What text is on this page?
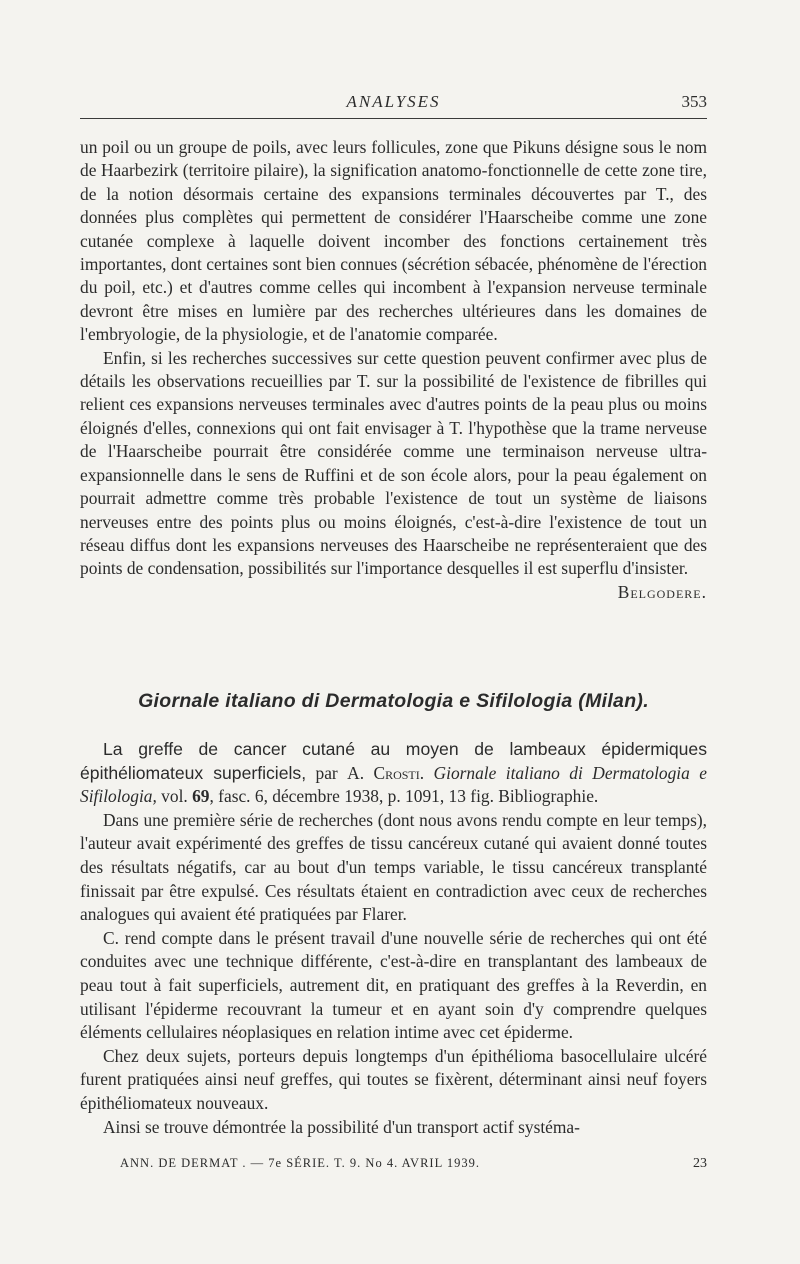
ANALYSES	353

un poil ou un groupe de poils, avec leurs follicules, zone que Pikuns désigne sous le nom de Haarbezirk (territoire pilaire), la signification anatomo-fonctionnelle de cette zone tire, de la notion désormais certaine des expansions terminales découvertes par T., des données plus complètes qui permettent de considérer l'Haarscheibe comme une zone cutanée complexe à laquelle doivent incomber des fonctions certainement très importantes, dont certaines sont bien connues (sécrétion sébacée, phénomène de l'érection du poil, etc.) et d'autres comme celles qui incombent à l'expansion nerveuse terminale devront être mises en lumière par des recherches ultérieures dans les domaines de l'embryologie, de la physiologie, et de l'anatomie comparée.

Enfin, si les recherches successives sur cette question peuvent confirmer avec plus de détails les observations recueillies par T. sur la possibilité de l'existence de fibrilles qui relient ces expansions nerveuses terminales avec d'autres points de la peau plus ou moins éloignés d'elles, connexions qui ont fait envisager à T. l'hypothèse que la trame nerveuse de l'Haarscheibe pourrait être considérée comme une terminaison nerveuse ultra-expansionnelle dans le sens de Ruffini et de son école alors, pour la peau également on pourrait admettre comme très probable l'existence de tout un système de liaisons nerveuses entre des points plus ou moins éloignés, c'est-à-dire l'existence de tout un réseau diffus dont les expansions nerveuses des Haarscheibe ne représenteraient que des points de condensation, possibilités sur l'importance desquelles il est superflu d'insister.

Belgodere.

Giornale italiano di Dermatologia e Sifilologia (Milan).

La greffe de cancer cutané au moyen de lambeaux épidermiques épithéliomateux superficiels, par A. Crosti. Giornale italiano di Dermatologia e Sifilologia, vol. 69, fasc. 6, décembre 1938, p. 1091, 13 fig. Bibliographie.

Dans une première série de recherches (dont nous avons rendu compte en leur temps), l'auteur avait expérimenté des greffes de tissu cancéreux cutané qui avaient donné toutes des résultats négatifs, car au bout d'un temps variable, le tissu cancéreux transplanté finissait par être expulsé. Ces résultats étaient en contradiction avec ceux de recherches analogues qui avaient été pratiquées par Flarer.

C. rend compte dans le présent travail d'une nouvelle série de recherches qui ont été conduites avec une technique différente, c'est-à-dire en transplantant des lambeaux de peau tout à fait superficiels, autrement dit, en pratiquant des greffes à la Reverdin, en utilisant l'épiderme recouvrant la tumeur et en ayant soin d'y comprendre quelques éléments cellulaires néoplasiques en relation intime avec cet épiderme.

Chez deux sujets, porteurs depuis longtemps d'un épithélioma basocellulaire ulcéré furent pratiquées ainsi neuf greffes, qui toutes se fixèrent, déterminant ainsi neuf foyers épithéliomateux nouveaux.

Ainsi se trouve démontrée la possibilité d'un transport actif systéma-

ANN. DE DERMAT . — 7e SÉRIE. T. 9. No 4. AVRIL 1939.	23
